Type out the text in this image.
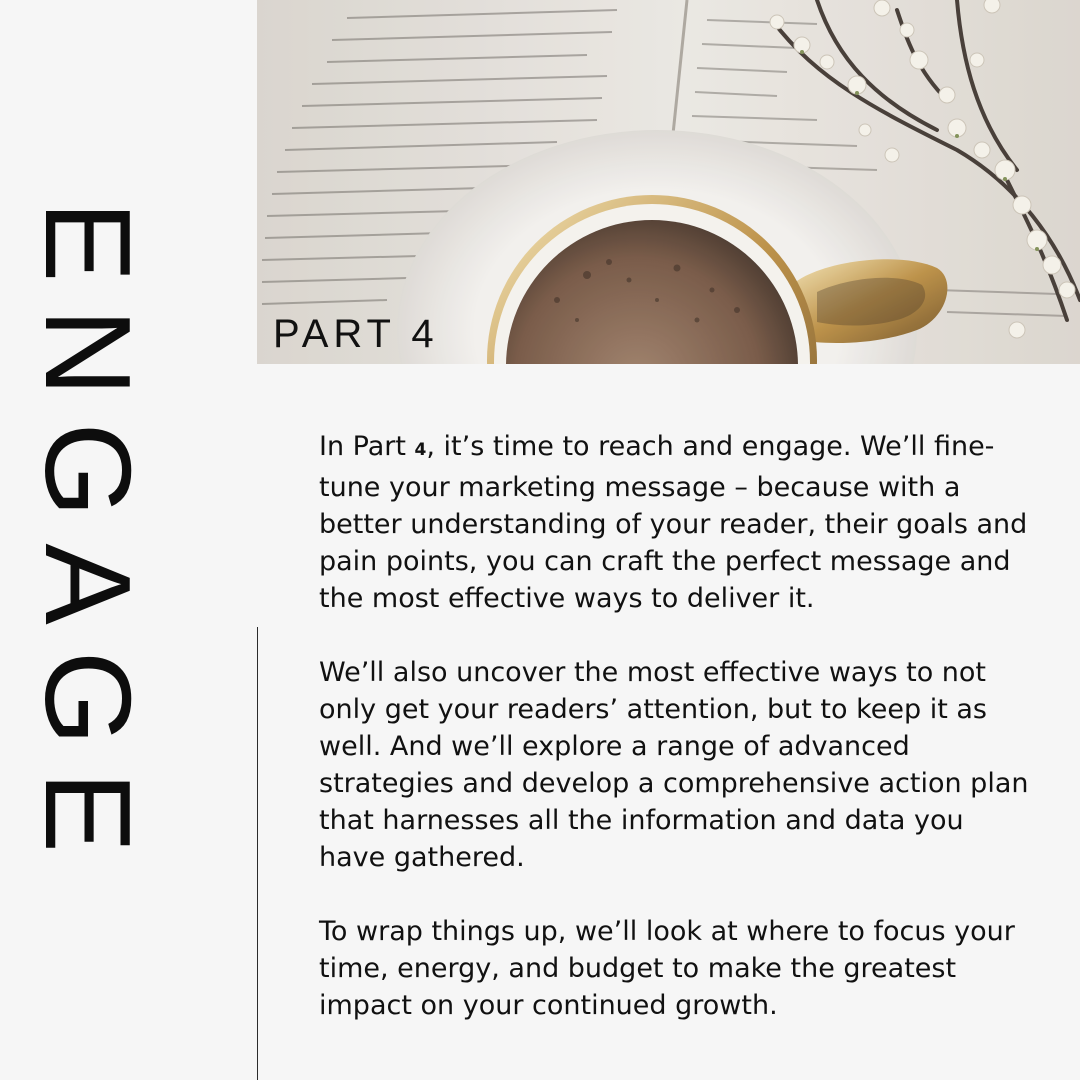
ENGAGE	PART 4

In Part 4, it’s time to reach and engage. We’ll fine-tune your marketing message – because with a better understanding of your reader, their goals and pain points, you can craft the perfect message and the most effective ways to deliver it.

We’ll also uncover the most effective ways to not only get your readers’ attention, but to keep it as well. And we’ll explore a range of advanced strategies and develop a comprehensive action plan that harnesses all the information and data you have gathered.

To wrap things up, we’ll look at where to focus your time, energy, and budget to make the greatest impact on your continued growth.
